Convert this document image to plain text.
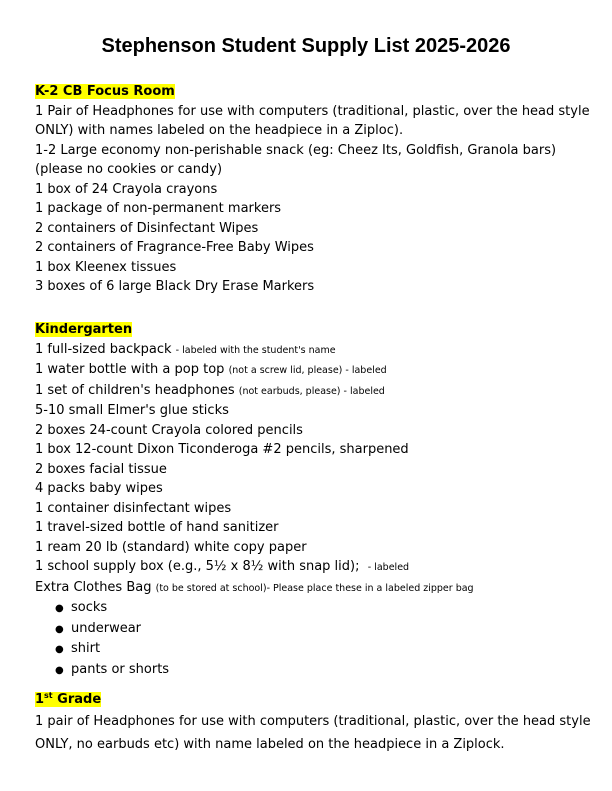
Stephenson Student Supply List 2025-2026
K-2 CB Focus Room
1 Pair of Headphones for use with computers (traditional, plastic, over the head style ONLY) with names labeled on the headpiece in a Ziploc).
1-2 Large economy non-perishable snack (eg: Cheez Its, Goldfish, Granola bars) (please no cookies or candy)
1 box of 24 Crayola crayons
1 package of non-permanent markers
2 containers of Disinfectant Wipes
2 containers of Fragrance-Free Baby Wipes
1 box Kleenex tissues
3 boxes of 6 large Black Dry Erase Markers
Kindergarten
1 full-sized backpack - labeled with the student's name
1 water bottle with a pop top (not a screw lid, please) - labeled
1 set of children's headphones (not earbuds, please) - labeled
5-10 small Elmer's glue sticks
2 boxes 24-count Crayola colored pencils
1 box 12-count Dixon Ticonderoga #2 pencils, sharpened
2 boxes facial tissue
4 packs baby wipes
1 container disinfectant wipes
1 travel-sized bottle of hand sanitizer
1 ream 20 lb (standard) white copy paper
1 school supply box (e.g., 5½ x 8½ with snap lid);  - labeled
Extra Clothes Bag (to be stored at school)- Please place these in a labeled zipper bag
● socks
● underwear
● shirt
● pants or shorts
1st Grade
1 pair of Headphones for use with computers (traditional, plastic, over the head style ONLY, no earbuds etc) with name labeled on the headpiece in a Ziplock.
